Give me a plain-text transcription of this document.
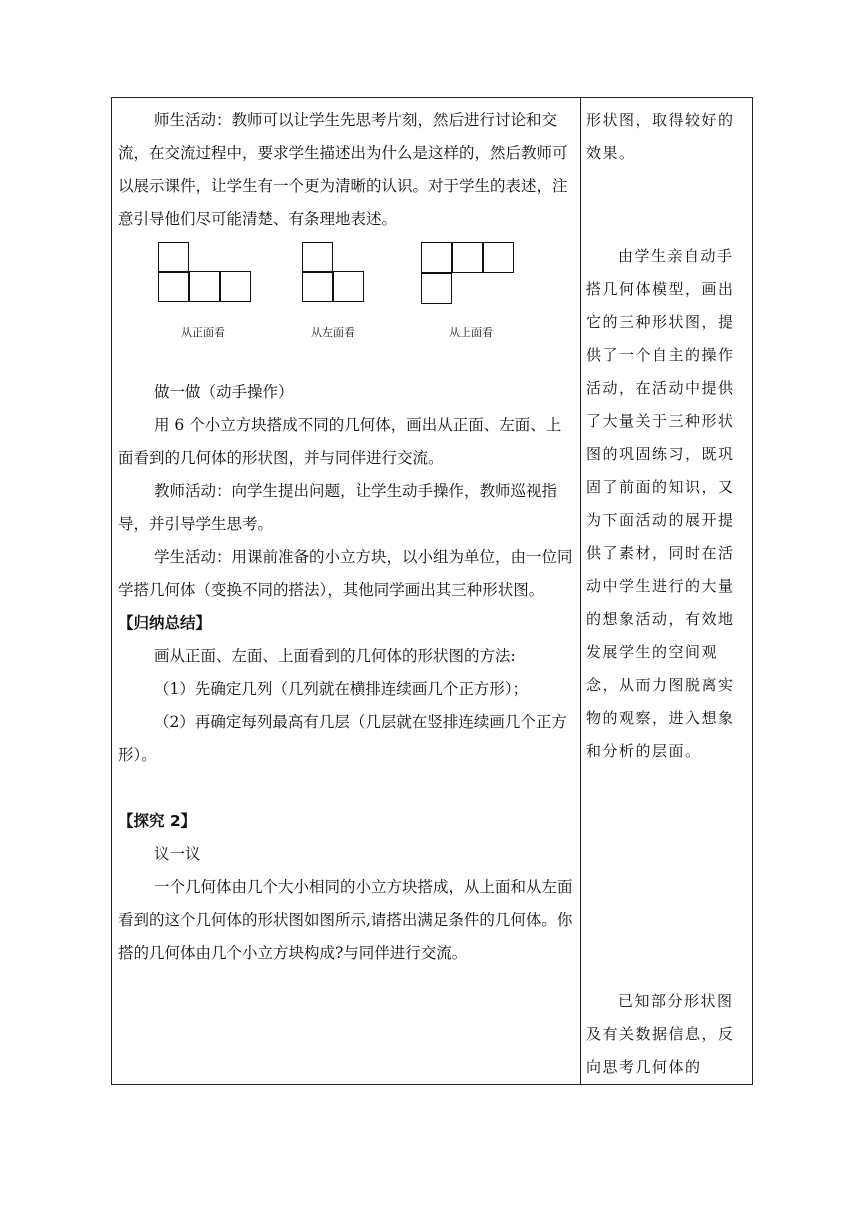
师生活动：教师可以让学生先思考片刻，然后进行讨论和交流，在交流过程中，要求学生描述出为什么是这样的，然后教师可以展示课件，让学生有一个更为清晰的认识。对于学生的表述，注意引导他们尽可能清楚、有条理地表述。

从正面看	从左面看	从上面看

做一做（动手操作）

用 6 个小立方块搭成不同的几何体，画出从正面、左面、上面看到的几何体的形状图，并与同伴进行交流。

教师活动：向学生提出问题，让学生动手操作，教师巡视指导，并引导学生思考。

学生活动：用课前准备的小立方块，以小组为单位，由一位同学搭几何体（变换不同的搭法），其他同学画出其三种形状图。

【归纳总结】

画从正面、左面、上面看到的几何体的形状图的方法:

（1）先确定几列（几列就在横排连续画几个正方形）；

（2）再确定每列最高有几层（几层就在竖排连续画几个正方形）。

【探究 2】

议一议

一个几何体由几个大小相同的小立方块搭成，从上面和从左面看到的这个几何体的形状图如图所示,请搭出满足条件的几何体。你搭的几何体由几个小立方块构成?与同伴进行交流。

形状图，取得较好的效果。

由学生亲自动手搭几何体模型，画出它的三种形状图，提供了一个自主的操作活动，在活动中提供了大量关于三种形状图的巩固练习，既巩固了前面的知识，又为下面活动的展开提供了素材，同时在活动中学生进行的大量的想象活动，有效地发展学生的空间观念，从而力图脱离实物的观察，进入想象和分析的层面。

已知部分形状图及有关数据信息，反向思考几何体的
